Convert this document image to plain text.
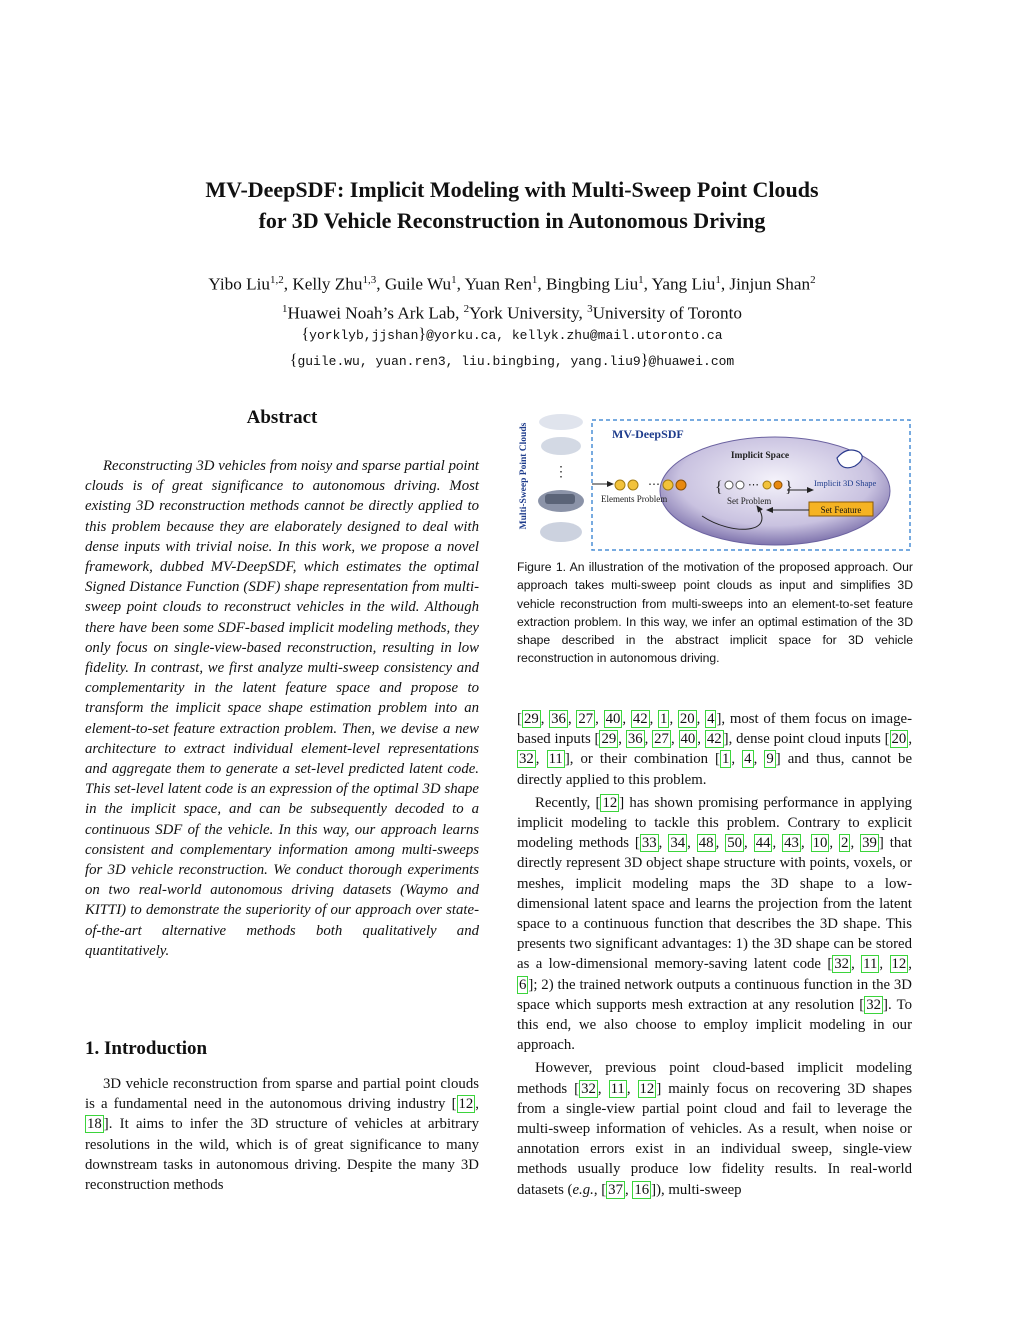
MV-DeepSDF: Implicit Modeling with Multi-Sweep Point Clouds
for 3D Vehicle Reconstruction in Autonomous Driving
Yibo Liu$^{1,2}$, Kelly Zhu$^{1,3}$, Guile Wu$^1$, Yuan Ren$^1$, Bingbing Liu$^1$, Yang Liu$^1$, Jinjun Shan$^2$
$^1$Huawei Noah’s Ark Lab, $^2$York University, $^3$University of Toronto
{yorklyb,jjshan}@yorku.ca, kellyk.zhu@mail.utoronto.ca
{guile.wu, yuan.ren3, liu.bingbing, yang.liu9}@huawei.com
Abstract

Reconstructing 3D vehicles from noisy and sparse partial point clouds is of great significance to autonomous driving. Most existing 3D reconstruction methods cannot be directly applied to this problem because they are elaborately designed to deal with dense inputs with trivial noise. In this work, we propose a novel framework, dubbed MV-DeepSDF, which estimates the optimal Signed Distance Function (SDF) shape representation from multi-sweep point clouds to reconstruct vehicles in the wild. Although there have been some SDF-based implicit modeling methods, they only focus on single-view-based reconstruction, resulting in low fidelity. In contrast, we first analyze multi-sweep consistency and complementarity in the latent feature space and propose to transform the implicit space shape estimation problem into an element-to-set feature extraction problem. Then, we devise a new architecture to extract individual element-level representations and aggregate them to generate a set-level predicted latent code. This set-level latent code is an expression of the optimal 3D shape in the implicit space, and can be subsequently decoded to a continuous SDF of the vehicle. In this way, our approach learns consistent and complementary information among multi-sweeps for 3D vehicle reconstruction. We conduct thorough experiments on two real-world autonomous driving datasets (Waymo and KITTI) to demonstrate the superiority of our approach over state-of-the-art alternative methods both qualitatively and quantitatively.

1. Introduction

3D vehicle reconstruction from sparse and partial point clouds is a fundamental need in the autonomous driving industry [ 12 , 18 ]. It aims to infer the 3D structure of vehicles at arbitrary resolutions in the wild, which is of great significance to many downstream tasks in autonomous driving. Despite the many 3D reconstruction methods

Multi-Sweep Point Clouds ⋮
MV-DeepSDF
Implicit Space
⋯
Elements Problem
{ ⋯ }
Set Problem
Implicit 3D Shape
Set Feature

Figure 1. An illustration of the motivation of the proposed approach. Our approach takes multi-sweep point clouds as input and simplifies 3D vehicle reconstruction from multi-sweeps into an element-to-set feature extraction problem. In this way, we infer an optimal estimation of the 3D shape described in the abstract implicit space for 3D vehicle reconstruction in autonomous driving.

[ 29 , 36 , 27 , 40 , 42 , 1 , 20 , 4 ], most of them focus on image-based inputs [ 29 , 36 , 27 , 40 , 42 ], dense point cloud inputs [ 20 , 32 , 11 ], or their combination [ 1 , 4 , 9 ] and thus, cannot be directly applied to this problem.

Recently, [ 12 ] has shown promising performance in applying implicit modeling to tackle this problem. Contrary to explicit modeling methods [ 33 , 34 , 48 , 50 , 44 , 43 , 10 , 2 , 39 ] that directly represent 3D object shape structure with points, voxels, or meshes, implicit modeling maps the 3D shape to a low-dimensional latent space and learns the projection from the latent space to a continuous function that describes the 3D shape. This presents two significant advantages: 1) the 3D shape can be stored as a low-dimensional memory-saving latent code [ 32 , 11 , 12 , 6 ]; 2) the trained network outputs a continuous function in the 3D space which supports mesh extraction at any resolution [ 32 ]. To this end, we also choose to employ implicit modeling in our approach.

However, previous point cloud-based implicit modeling methods [ 32 , 11 , 12 ] mainly focus on recovering 3D shapes from a single-view partial point cloud and fail to leverage the multi-sweep information of vehicles. As a result, when noise or annotation errors exist in an individual sweep, single-view methods usually produce low fidelity results. In real-world datasets (e.g., [ 37 , 16 ]), multi-sweep
